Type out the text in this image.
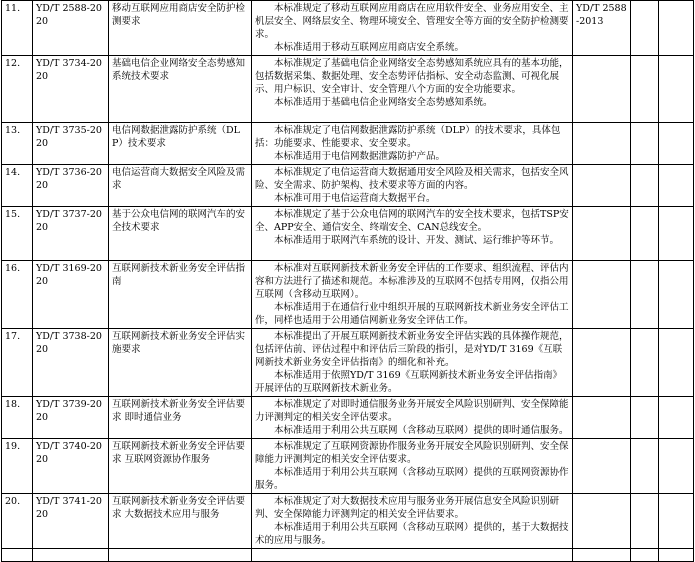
11.	YD/T 2588-2020	移动互联网应用商店安全防护检测要求	本标准规定了移动互联网应用商店在应用软件安全、业务应用安全、主机层安全、网络层安全、物理环境安全、管理安全等方面的安全防护检测要求。
本标准适用于移动互联网应用商店安全系统。	YD/T 2588-2013		
12.	YD/T 3734-2020	基础电信企业网络安全态势感知系统技术要求	本标准规定了基础电信企业网络安全态势感知系统应具有的基本功能，包括数据采集、数据处理、安全态势评估指标、安全动态监测、可视化展示、用户标识、安全审计、安全管理八个方面的安全功能要求。
本标准适用于基础电信企业网络安全态势感知系统。			

13.	YD/T 3735-2020	电信网数据泄露防护系统（DLP）技术要求	本标准规定了电信网数据泄露防护系统（DLP）的技术要求，具体包括：功能要求、性能要求、安全要求。
本标准适用于电信网数据泄露防护产品。			

14.	YD/T 3736-2020	电信运营商大数据安全风险及需求	本标准规定了电信运营商大数据通用安全风险及相关需求，包括安全风险、安全需求、防护架构、技术要求等方面的内容。
本标准可用于电信运营商大数据平台。			

15.	YD/T 3737-2020	基于公众电信网的联网汽车的安全技术要求	本标准规定了基于公众电信网的联网汽车的安全技术要求，包括TSP安全、APP安全、通信安全、终端安全、CAN总线安全。
本标准适用于联网汽车系统的设计、开发、测试、运行维护等环节。			

16.	YD/T 3169-2020	互联网新技术新业务安全评估指南	本标准对互联网新技术新业务安全评估的工作要求、组织流程、评估内容和方法进行了描述和规范。本标准涉及的互联网不包括专用网，仅指公用互联网（含移动互联网）。
本标准适用于在通信行业中组织开展的互联网新技术新业务安全评估工作，同样也适用于公用通信网新业务安全评估工作。			

17.	YD/T 3738-2020	互联网新技术新业务安全评估实施要求	本标准提出了开展互联网新技术新业务安全评估实践的具体操作规范，包括评估前、评估过程中和评估后三阶段的指引，是对YD/T 3169《互联网新技术新业务安全评估指南》的细化和补充。
本标准适用于依照YD/T 3169《互联网新技术新业务安全评估指南》开展评估的互联网新技术新业务。			

18.	YD/T 3739-2020	互联网新技术新业务安全评估要求 即时通信业务	本标准规定了对即时通信服务业务开展安全风险识别研判、安全保障能力评测判定的相关安全评估要求。
本标准适用于利用公共互联网（含移动互联网）提供的即时通信服务。			

19.	YD/T 3740-2020	互联网新技术新业务安全评估要求 互联网资源协作服务	本标准规定了互联网资源协作服务业务开展安全风险识别研判、安全保障能力评测判定的相关安全评估要求。
本标准适用于利用公共互联网（含移动互联网）提供的互联网资源协作服务。			

20.	YD/T 3741-2020	互联网新技术新业务安全评估要求 大数据技术应用与服务	本标准规定了对大数据技术应用与服务业务开展信息安全风险识别研判、安全保障能力评测判定的相关安全评估要求。
本标准适用于利用公共互联网（含移动互联网）提供的，基于大数据技术的应用与服务。			
